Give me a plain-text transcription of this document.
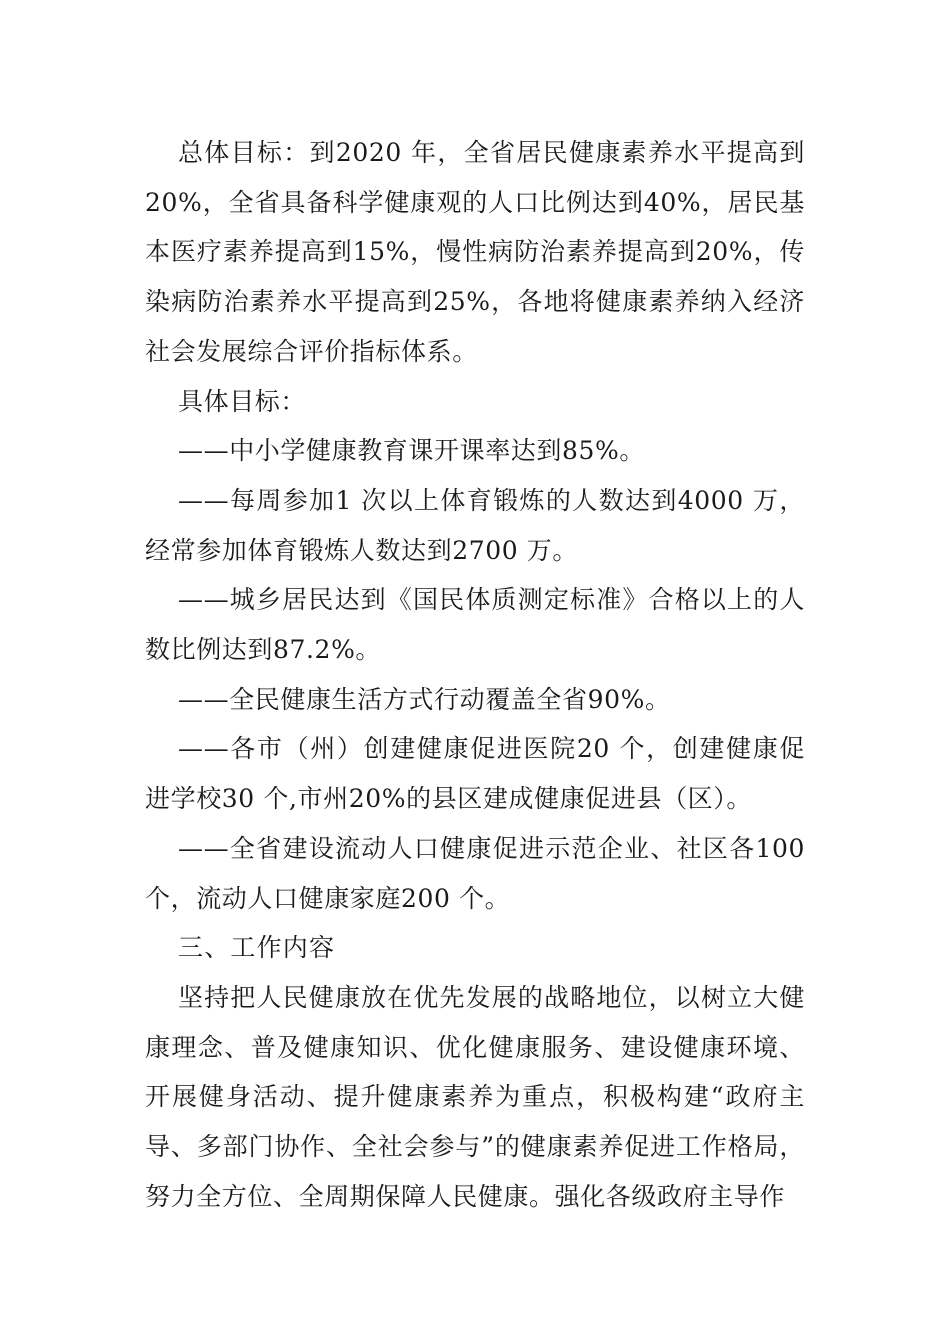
总体目标：到2020 年，全省居民健康素养水平提高到20%，全省具备科学健康观的人口比例达到40%，居民基本医疗素养提高到15%，慢性病防治素养提高到20%，传染病防治素养水平提高到25%，各地将健康素养纳入经济社会发展综合评价指标体系。

具体目标：

——中小学健康教育课开课率达到85%。

——每周参加1 次以上体育锻炼的人数达到4000 万，经常参加体育锻炼人数达到2700 万。

——城乡居民达到《国民体质测定标准》合格以上的人数比例达到87.2%。

——全民健康生活方式行动覆盖全省90%。

——各市（州）创建健康促进医院20 个，创建健康促进学校30 个,市州20%的县区建成健康促进县（区）。

——全省建设流动人口健康促进示范企业、社区各100 个，流动人口健康家庭200 个。

三、工作内容

坚持把人民健康放在优先发展的战略地位，以树立大健康理念、普及健康知识、优化健康服务、建设健康环境、开展健身活动、提升健康素养为重点，积极构建“政府主导、多部门协作、全社会参与”的健康素养促进工作格局，努力全方位、全周期保障人民健康。强化各级政府主导作
